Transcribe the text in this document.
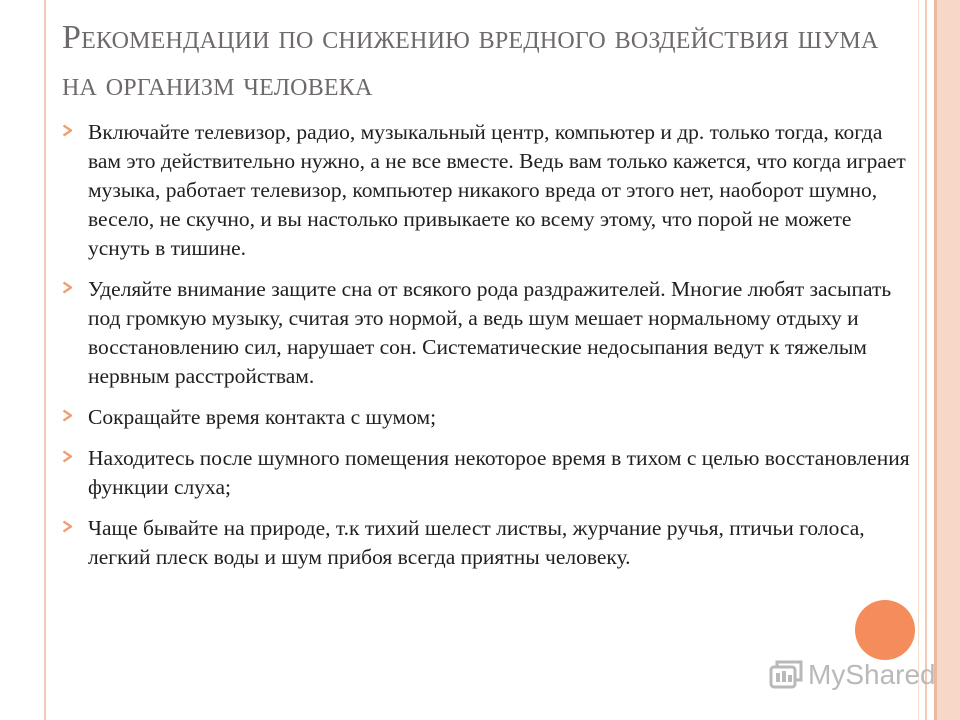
Рекомендации по снижению вредного воздействия шума на организм человека
Включайте телевизор, радио, музыкальный центр, компьютер и др. только тогда, когда вам это действительно нужно, а не все вместе. Ведь вам только кажется, что когда играет музыка, работает телевизор, компьютер никакого вреда от этого нет, наоборот шумно, весело, не скучно, и вы настолько привыкаете ко всему этому, что порой не можете уснуть в тишине.
Уделяйте внимание защите сна от всякого рода раздражителей. Многие любят засыпать под громкую музыку, считая это нормой, а ведь шум мешает нормальному отдыху и восстановлению сил, нарушает сон. Систематические недосыпания ведут к тяжелым нервным расстройствам.
Сокращайте время контакта с шумом;
Находитесь после шумного помещения некоторое время в тихом с целью восстановления функции слуха;
Чаще бывайте на природе, т.к тихий шелест листвы, журчание ручья, птичьи голоса, легкий плеск воды и шум прибоя всегда приятны человеку.
MyShared
